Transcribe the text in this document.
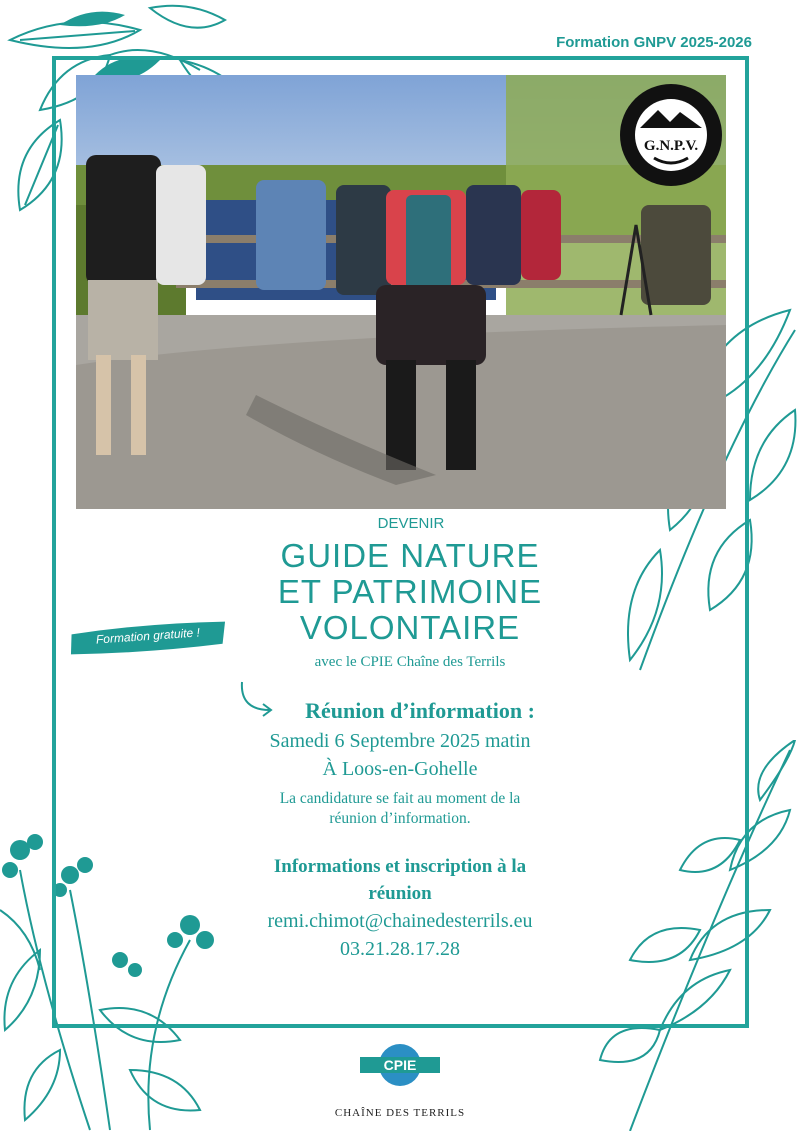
Formation GNPV 2025-2026
G.N.P.V.
DEVENIR
GUIDE NATURE
ET PATRIMOINE
VOLONTAIRE
avec le CPIE Chaîne des Terrils
Formation gratuite !
Réunion d’information :
Samedi 6 Septembre 2025 matin
À Loos-en-Gohelle
La candidature se fait au moment de la
réunion d’information.
Informations et inscription à la
réunion
remi.chimot@chainedesterrils.eu
03.21.28.17.28
CPIE
CHAÎNE DES TERRILS
